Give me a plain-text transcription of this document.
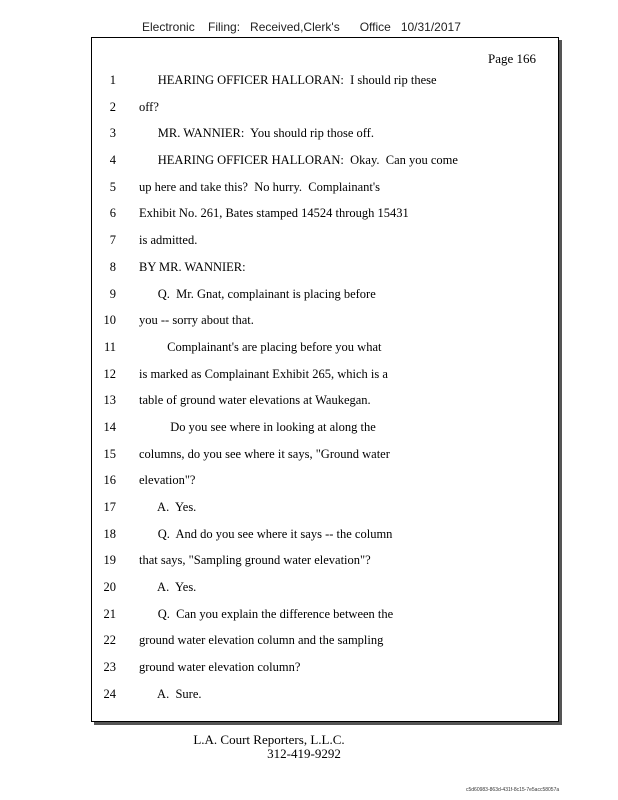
Electronic    Filing:   Received,Clerk's      Office   10/31/2017
Page 166
1 HEARING OFFICER HALLORAN:  I should rip these
2 off?
3 MR. WANNIER:  You should rip those off.
4 HEARING OFFICER HALLORAN:  Okay.  Can you come
5 up here and take this?  No hurry.  Complainant's
6 Exhibit No. 261, Bates stamped 14524 through 15431
7 is admitted.
8 BY MR. WANNIER:
9 Q.  Mr. Gnat, complainant is placing before
10 you -- sorry about that.
11 Complainant's are placing before you what
12 is marked as Complainant Exhibit 265, which is a
13 table of ground water elevations at Waukegan.
14 Do you see where in looking at along the
15 columns, do you see where it says, "Ground water
16 elevation"?
17 A.  Yes.
18 Q.  And do you see where it says -- the column
19 that says, "Sampling ground water elevation"?
20 A.  Yes.
21 Q.  Can you explain the difference between the
22 ground water elevation column and the sampling
23 ground water elevation column?
24 A.  Sure.
L.A. Court Reporters, L.L.C.
312-419-9292
c5d60983-863d-431f-8c15-7e5acc58057a
